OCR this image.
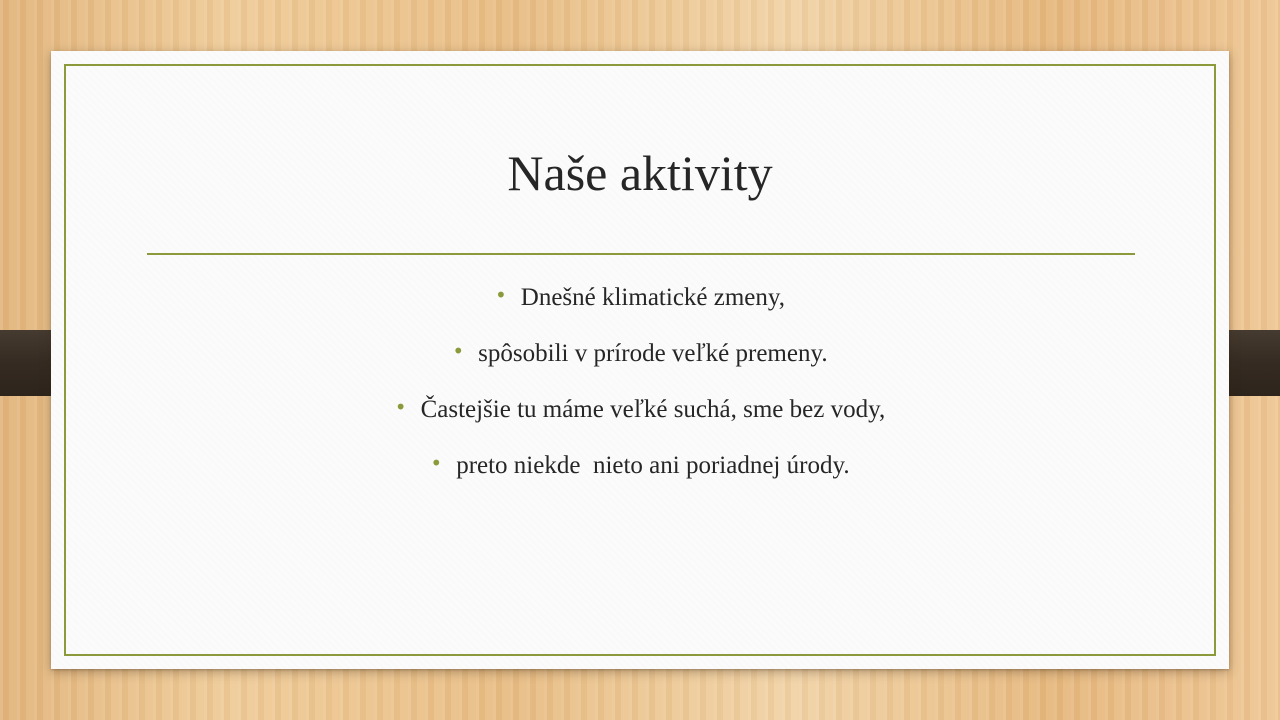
Naše aktivity
• Dnešné klimatické zmeny,
• spôsobili v prírode veľké premeny.
• Častejšie tu máme veľké suchá, sme bez vody,
• preto niekde  nieto ani poriadnej úrody.
